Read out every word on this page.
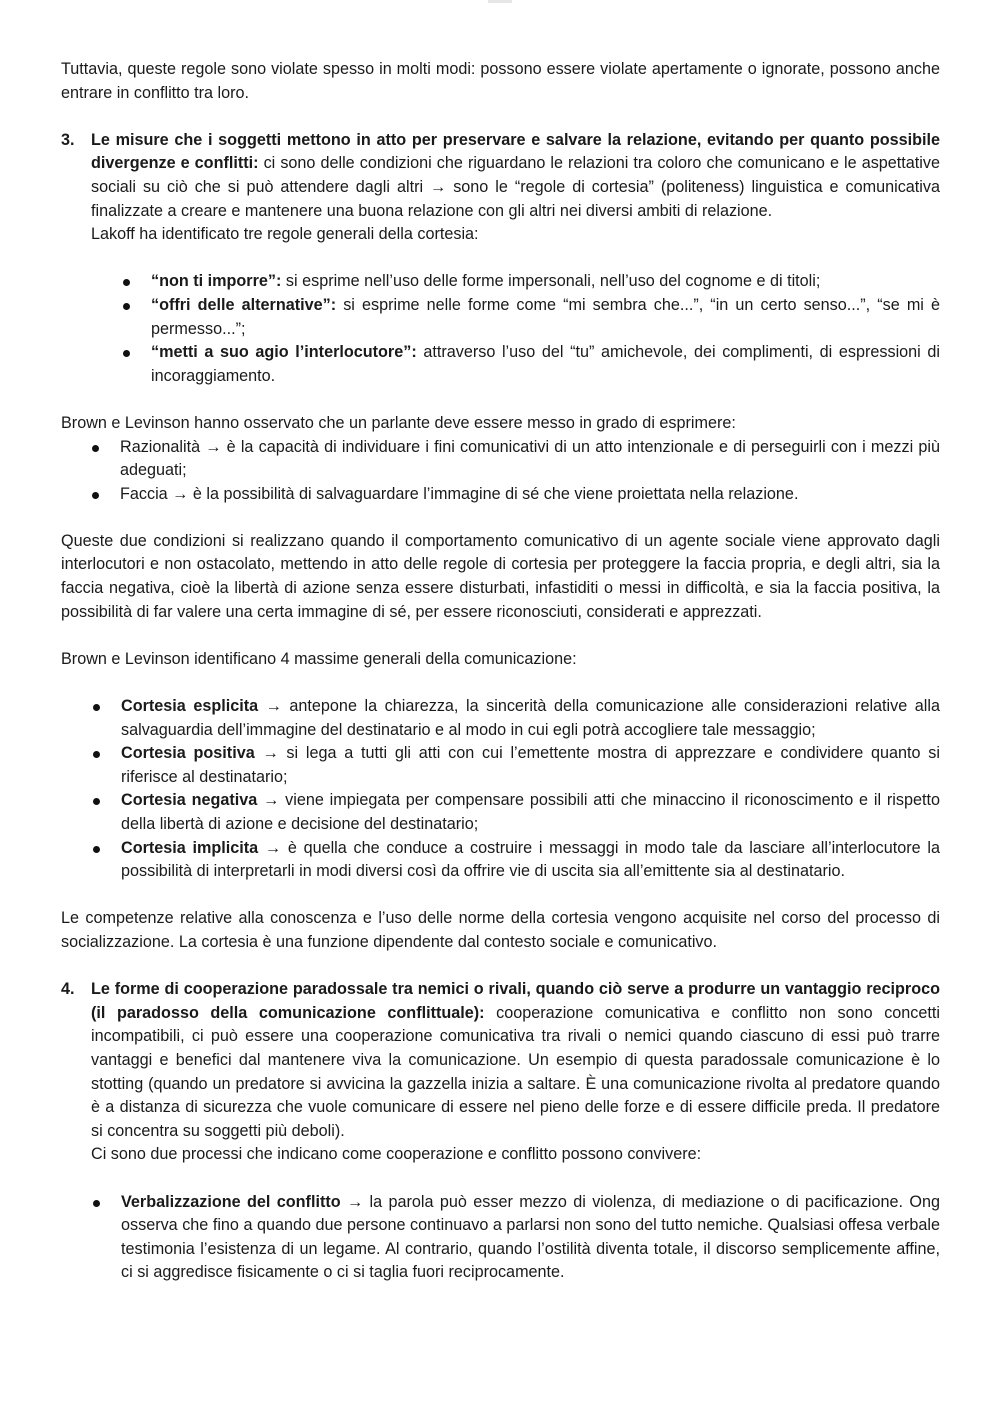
Tuttavia, queste regole sono violate spesso in molti modi: possono essere violate apertamente o ignorate, possono anche entrare in conflitto tra loro.

3. Le misure che i soggetti mettono in atto per preservare e salvare la relazione, evitando per quanto possibile divergenze e conflitti: ci sono delle condizioni che riguardano le relazioni tra coloro che comunicano e le aspettative sociali su ciò che si può attendere dagli altri → sono le “regole di cortesia” (politeness) linguistica e comunicativa finalizzate a creare e mantenere una buona relazione con gli altri nei diversi ambiti di relazione.
Lakoff ha identificato tre regole generali della cortesia:
“non ti imporre”: si esprime nell’uso delle forme impersonali, nell’uso del cognome e di titoli;
“offri delle alternative”: si esprime nelle forme come “mi sembra che...”, “in un certo senso...”, “se mi è permesso...”;
“metti a suo agio l’interlocutore”: attraverso l’uso del “tu” amichevole, dei complimenti, di espressioni di incoraggiamento.

Brown e Levinson hanno osservato che un parlante deve essere messo in grado di esprimere:

Razionalità → è la capacità di individuare i fini comunicativi di un atto intenzionale e di perseguirli con i mezzi più adeguati;
Faccia → è la possibilità di salvaguardare l’immagine di sé che viene proiettata nella relazione.

Queste due condizioni si realizzano quando il comportamento comunicativo di un agente sociale viene approvato dagli interlocutori e non ostacolato, mettendo in atto delle regole di cortesia per proteggere la faccia propria, e degli altri, sia la faccia negativa, cioè la libertà di azione senza essere disturbati, infastiditi o messi in difficoltà, e sia la faccia positiva, la possibilità di far valere una certa immagine di sé, per essere riconosciuti, considerati e apprezzati.

Brown e Levinson identificano 4 massime generali della comunicazione:

Cortesia esplicita → antepone la chiarezza, la sincerità della comunicazione alle considerazioni relative alla salvaguardia dell’immagine del destinatario e al modo in cui egli potrà accogliere tale messaggio;
Cortesia positiva → si lega a tutti gli atti con cui l’emettente mostra di apprezzare e condividere quanto si riferisce al destinatario;
Cortesia negativa → viene impiegata per compensare possibili atti che minaccino il riconoscimento e il rispetto della libertà di azione e decisione del destinatario;
Cortesia implicita → è quella che conduce a costruire i messaggi in modo tale da lasciare all’interlocutore la possibilità di interpretarli in modi diversi così da offrire vie di uscita sia all’emittente sia al destinatario.

Le competenze relative alla conoscenza e l’uso delle norme della cortesia vengono acquisite nel corso del processo di socializzazione. La cortesia è una funzione dipendente dal contesto sociale e comunicativo.

4. Le forme di cooperazione paradossale tra nemici o rivali, quando ciò serve a produrre un vantaggio reciproco (il paradosso della comunicazione conflittuale): cooperazione comunicativa e conflitto non sono concetti incompatibili, ci può essere una cooperazione comunicativa tra rivali o nemici quando ciascuno di essi può trarre vantaggi e benefici dal mantenere viva la comunicazione. Un esempio di questa paradossale comunicazione è lo stotting (quando un predatore si avvicina la gazzella inizia a saltare. È una comunicazione rivolta al predatore quando è a distanza di sicurezza che vuole comunicare di essere nel pieno delle forze e di essere difficile preda. Il predatore si concentra su soggetti più deboli).
Ci sono due processi che indicano come cooperazione e conflitto possono convivere:
Verbalizzazione del conflitto → la parola può esser mezzo di violenza, di mediazione o di pacificazione. Ong osserva che fino a quando due persone continuavo a parlarsi non sono del tutto nemiche. Qualsiasi offesa verbale testimonia l’esistenza di un legame. Al contrario, quando l’ostilità diventa totale, il discorso semplicemente affine, ci si aggredisce fisicamente o ci si taglia fuori reciprocamente.
